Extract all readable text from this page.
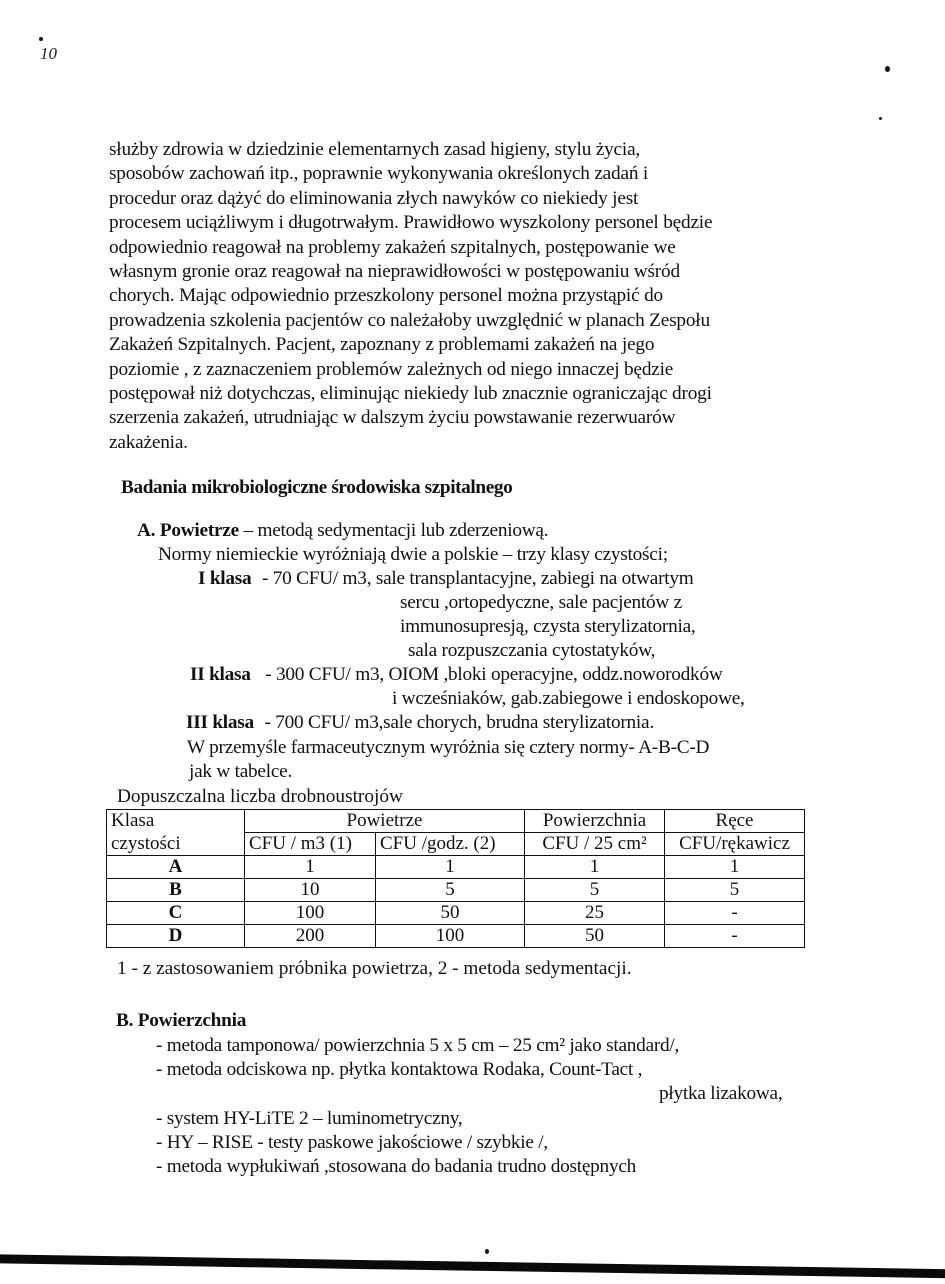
10
służby zdrowia w dziedzinie elementarnych zasad higieny, stylu życia,
sposobów zachowań itp., poprawnie wykonywania określonych zadań i
procedur oraz dążyć do eliminowania złych nawyków co niekiedy jest
procesem uciążliwym i długotrwałym. Prawidłowo wyszkolony personel będzie
odpowiednio reagował na problemy zakażeń szpitalnych, postępowanie we
własnym gronie oraz reagował na nieprawidłowości w postępowaniu wśród
chorych. Mając odpowiednio przeszkolony personel można przystąpić do
prowadzenia szkolenia pacjentów co należałoby uwzględnić w planach Zespołu
Zakażeń Szpitalnych. Pacjent, zapoznany z problemami zakażeń na jego
poziomie , z zaznaczeniem problemów zależnych od niego innaczej będzie
postępował niż dotychczas, eliminując niekiedy lub znacznie ograniczając drogi
szerzenia zakażeń, utrudniając w dalszym życiu powstawanie rezerwuarów
zakażenia.
Badania mikrobiologiczne środowiska szpitalnego
A. Powietrze – metodą sedymentacji lub zderzeniową.
Normy niemieckie wyróżniają dwie a polskie – trzy klasy czystości;
I klasa - 70 CFU/ m3, sale transplantacyjne, zabiegi na otwartym
sercu ,ortopedyczne, sale pacjentów z
immunosupresją, czysta sterylizatornia,
sala rozpuszczania cytostatyków,
II klasa - 300 CFU/ m3, OIOM ,bloki operacyjne, oddz.noworodków
i wcześniaków, gab.zabiegowe i endoskopowe,
III klasa - 700 CFU/ m3,sale chorych, brudna sterylizatornia.
W przemyśle farmaceutycznym wyróżnia się cztery normy- A-B-C-D
jak w tabelce.
Dopuszczalna liczba drobnoustrojów
Klasa	Powietrze		Powierzchnia	Ręce
czystości	CFU / m3 (1)	CFU /godz. (2)	CFU / 25 cm²	CFU/rękawicz
A	1	1	1	1
B	10	5	5	5
C	100	50	25	-
D	200	100	50	-
1 - z zastosowaniem próbnika powietrza, 2 - metoda sedymentacji.
B. Powierzchnia
- metoda tamponowa/ powierzchnia 5 x 5 cm – 25 cm² jako standard/,
- metoda odciskowa np. płytka kontaktowa Rodaka, Count-Tact ,
płytka lizakowa,
- system HY-LiTE 2 – luminometryczny,
- HY – RISE - testy paskowe jakościowe / szybkie /,
- metoda wypłukiwań ,stosowana do badania trudno dostępnych
